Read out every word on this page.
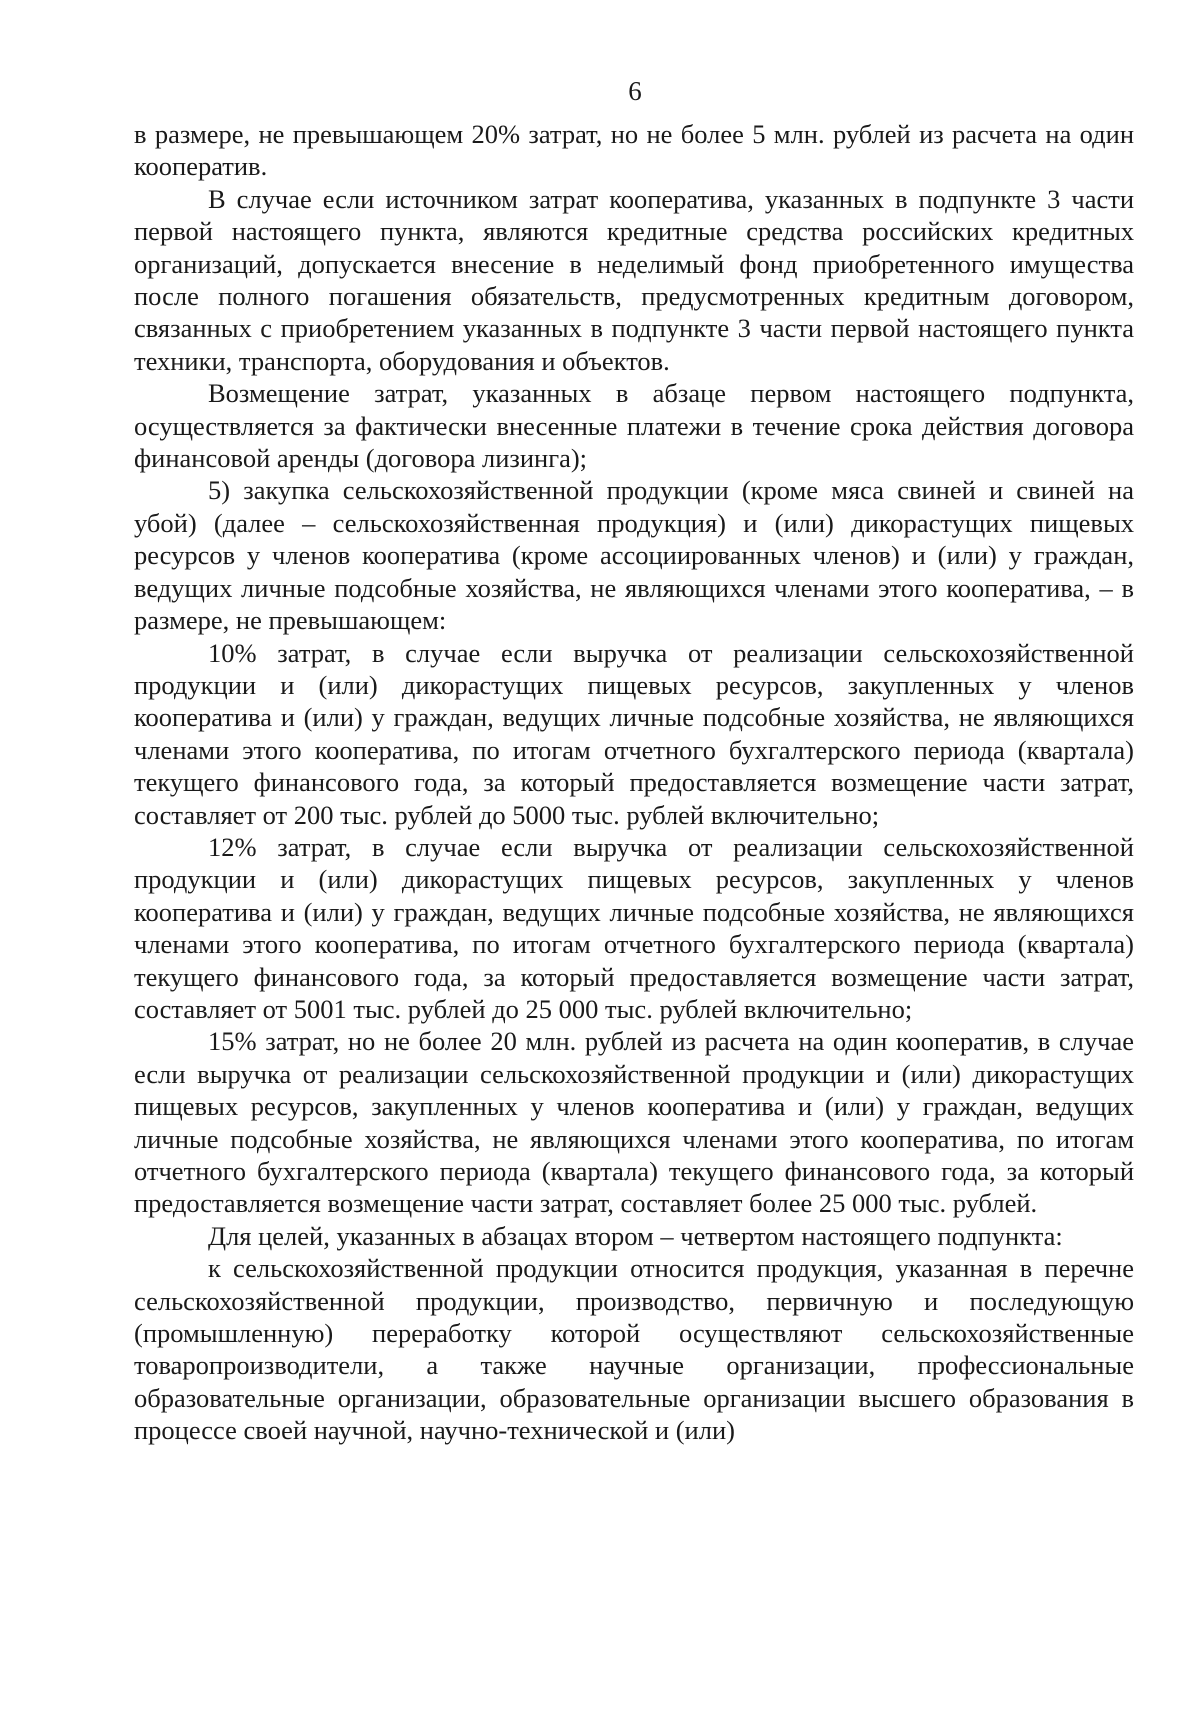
6

в размере, не превышающем 20% затрат, но не более 5 млн. рублей из расчета на один кооператив.

В случае если источником затрат кооператива, указанных в подпункте 3 части первой настоящего пункта, являются кредитные средства российских кредитных организаций, допускается внесение в неделимый фонд приобретенного имущества после полного погашения обязательств, предусмотренных кредитным договором, связанных с приобретением указанных в подпункте 3 части первой настоящего пункта техники, транспорта, оборудования и объектов.

Возмещение затрат, указанных в абзаце первом настоящего подпункта, осуществляется за фактически внесенные платежи в течение срока действия договора финансовой аренды (договора лизинга);

5) закупка сельскохозяйственной продукции (кроме мяса свиней и свиней на убой) (далее – сельскохозяйственная продукция) и (или) дикорастущих пищевых ресурсов у членов кооператива (кроме ассоциированных членов) и (или) у граждан, ведущих личные подсобные хозяйства, не являющихся членами этого кооператива, – в размере, не превышающем:

10% затрат, в случае если выручка от реализации сельскохозяйственной продукции и (или) дикорастущих пищевых ресурсов, закупленных у членов кооператива и (или) у граждан, ведущих личные подсобные хозяйства, не являющихся членами этого кооператива, по итогам отчетного бухгалтерского периода (квартала) текущего финансового года, за который предоставляется возмещение части затрат, составляет от 200 тыс. рублей до 5000 тыс. рублей включительно;

12% затрат, в случае если выручка от реализации сельскохозяйственной продукции и (или) дикорастущих пищевых ресурсов, закупленных у членов кооператива и (или) у граждан, ведущих личные подсобные хозяйства, не являющихся членами этого кооператива, по итогам отчетного бухгалтерского периода (квартала) текущего финансового года, за который предоставляется возмещение части затрат, составляет от 5001 тыс. рублей до 25 000 тыс. рублей включительно;

15% затрат, но не более 20 млн. рублей из расчета на один кооператив, в случае если выручка от реализации сельскохозяйственной продукции и (или) дикорастущих пищевых ресурсов, закупленных у членов кооператива и (или) у граждан, ведущих личные подсобные хозяйства, не являющихся членами этого кооператива, по итогам отчетного бухгалтерского периода (квартала) текущего финансового года, за который предоставляется возмещение части затрат, составляет более 25 000 тыс. рублей.

Для целей, указанных в абзацах втором – четвертом настоящего подпункта:

к сельскохозяйственной продукции относится продукция, указанная в перечне сельскохозяйственной продукции, производство, первичную и последующую (промышленную) переработку которой осуществляют сельскохозяйственные товаропроизводители, а также научные организации, профессиональные образовательные организации, образовательные организации высшего образования в процессе своей научной, научно-технической и (или)
